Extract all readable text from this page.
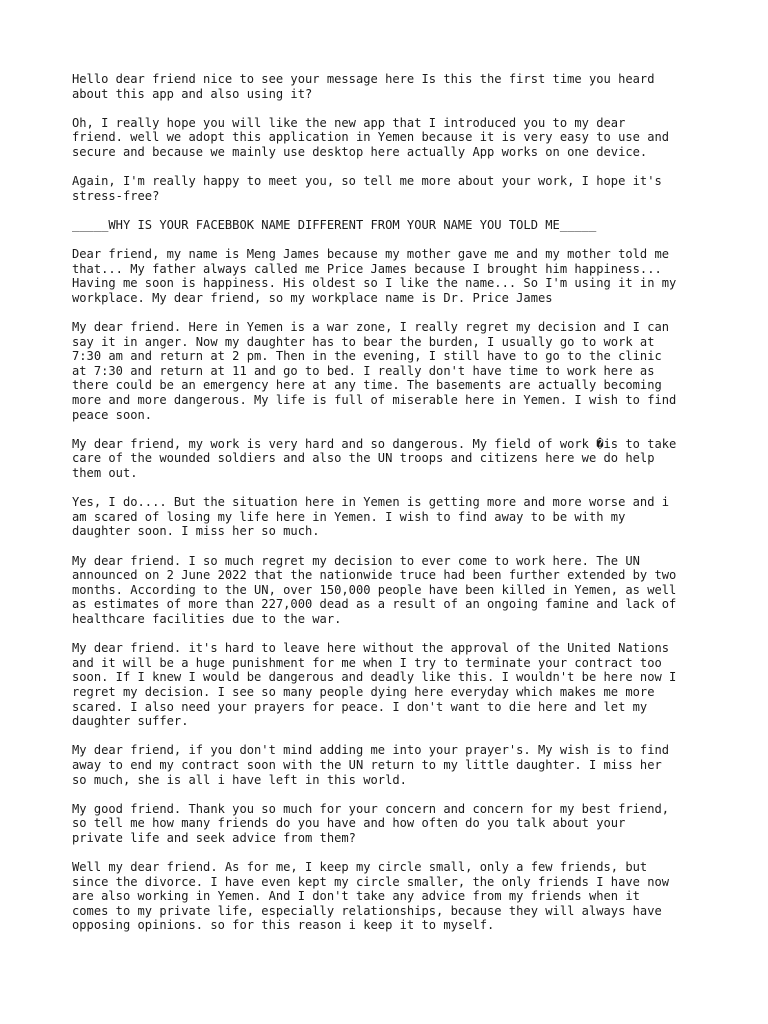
Hello dear friend nice to see your message here Is this the first time you heard
about this app and also using it?

Oh, I really hope you will like the new app that I introduced you to my dear
friend. well we adopt this application in Yemen because it is very easy to use and
secure and because we mainly use desktop here actually App works on one device.

Again, I'm really happy to meet you, so tell me more about your work, I hope it's
stress-free?

_____WHY IS YOUR FACEBBOK NAME DIFFERENT FROM YOUR NAME YOU TOLD ME_____

Dear friend, my name is Meng James because my mother gave me and my mother told me
that... My father always called me Price James because I brought him happiness...
Having me soon is happiness. His oldest so I like the name... So I'm using it in my
workplace. My dear friend, so my workplace name is Dr. Price James

My dear friend. Here in Yemen is a war zone, I really regret my decision and I can
say it in anger. Now my daughter has to bear the burden, I usually go to work at
7:30 am and return at 2 pm. Then in the evening, I still have to go to the clinic
at 7:30 and return at 11 and go to bed. I really don't have time to work here as
there could be an emergency here at any time. The basements are actually becoming
more and more dangerous. My life is full of miserable here in Yemen. I wish to find
peace soon.

My dear friend, my work is very hard and so dangerous. My field of work �is to take
care of the wounded soldiers and also the UN troops and citizens here we do help
them out.

Yes, I do.... But the situation here in Yemen is getting more and more worse and i
am scared of losing my life here in Yemen. I wish to find away to be with my
daughter soon. I miss her so much.

My dear friend. I so much regret my decision to ever come to work here. The UN
announced on 2 June 2022 that the nationwide truce had been further extended by two
months. According to the UN, over 150,000 people have been killed in Yemen, as well
as estimates of more than 227,000 dead as a result of an ongoing famine and lack of
healthcare facilities due to the war.

My dear friend. it's hard to leave here without the approval of the United Nations
and it will be a huge punishment for me when I try to terminate your contract too
soon. If I knew I would be dangerous and deadly like this. I wouldn't be here now I
regret my decision. I see so many people dying here everyday which makes me more
scared. I also need your prayers for peace. I don't want to die here and let my
daughter suffer.

My dear friend, if you don't mind adding me into your prayer's. My wish is to find
away to end my contract soon with the UN return to my little daughter. I miss her
so much, she is all i have left in this world.

My good friend. Thank you so much for your concern and concern for my best friend,
so tell me how many friends do you have and how often do you talk about your
private life and seek advice from them?

Well my dear friend. As for me, I keep my circle small, only a few friends, but
since the divorce. I have even kept my circle smaller, the only friends I have now
are also working in Yemen. And I don't take any advice from my friends when it
comes to my private life, especially relationships, because they will always have
opposing opinions. so for this reason i keep it to myself.
